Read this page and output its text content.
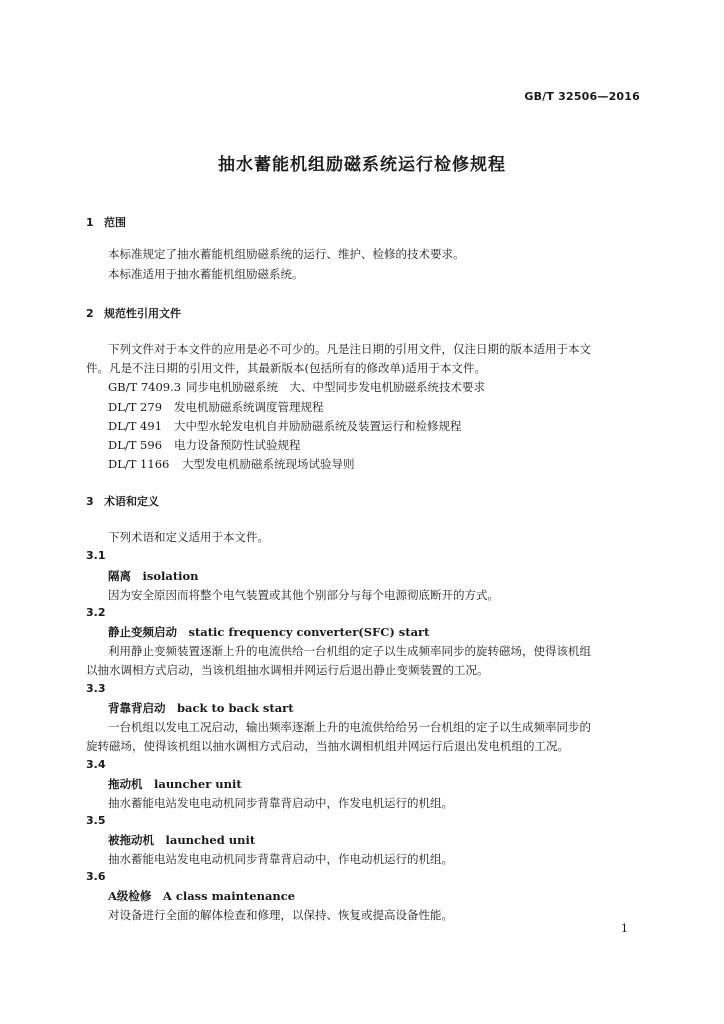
GB/T 32506—2016
抽水蓄能机组励磁系统运行检修规程
1 范围
本标准规定了抽水蓄能机组励磁系统的运行、维护、检修的技术要求。
本标准适用于抽水蓄能机组励磁系统。
2 规范性引用文件
下列文件对于本文件的应用是必不可少的。凡是注日期的引用文件，仅注日期的版本适用于本文
件。凡是不注日期的引用文件，其最新版本(包括所有的修改单)适用于本文件。
GB/T 7409.3 同步电机励磁系统　大、中型同步发电机励磁系统技术要求
DL/T 279 发电机励磁系统调度管理规程
DL/T 491 大中型水轮发电机自并励励磁系统及装置运行和检修规程
DL/T 596 电力设备预防性试验规程
DL/T 1166 大型发电机励磁系统现场试验导则
3 术语和定义
下列术语和定义适用于本文件。
3.1
隔离　isolation
因为安全原因而将整个电气装置或其他个别部分与每个电源彻底断开的方式。
3.2
静止变频启动　static frequency converter(SFC) start
利用静止变频装置逐渐上升的电流供给一台机组的定子以生成频率同步的旋转磁场，使得该机组
以抽水调相方式启动，当该机组抽水调相并网运行后退出静止变频装置的工况。
3.3
背靠背启动　back to back start
一台机组以发电工况启动，输出频率逐渐上升的电流供给给另一台机组的定子以生成频率同步的
旋转磁场，使得该机组以抽水调相方式启动，当抽水调相机组并网运行后退出发电机组的工况。
3.4
拖动机　launcher unit
抽水蓄能电站发电电动机同步背靠背启动中，作发电机运行的机组。
3.5
被拖动机　launched unit
抽水蓄能电站发电电动机同步背靠背启动中，作电动机运行的机组。
3.6
A级检修　A class maintenance
对设备进行全面的解体检查和修理，以保持、恢复或提高设备性能。
1
